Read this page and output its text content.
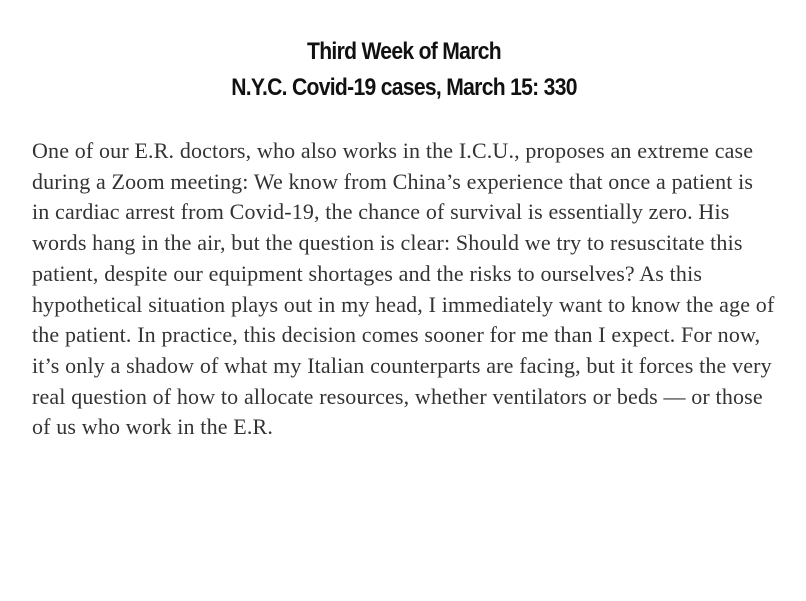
Third Week of March
N.Y.C. Covid-19 cases, March 15: 330

One of our E.R. doctors, who also works in the I.C.U., proposes an extreme case during a Zoom meeting: We know from China’s experience that once a patient is in cardiac arrest from Covid-19, the chance of survival is essentially zero. His words hang in the air, but the question is clear: Should we try to resuscitate this patient, despite our equipment shortages and the risks to ourselves? As this hypothetical situation plays out in my head, I immediately want to know the age of the patient. In practice, this decision comes sooner for me than I expect. For now, it’s only a shadow of what my Italian counterparts are facing, but it forces the very real question of how to allocate resources, whether ventilators or beds — or those of us who work in the E.R.
